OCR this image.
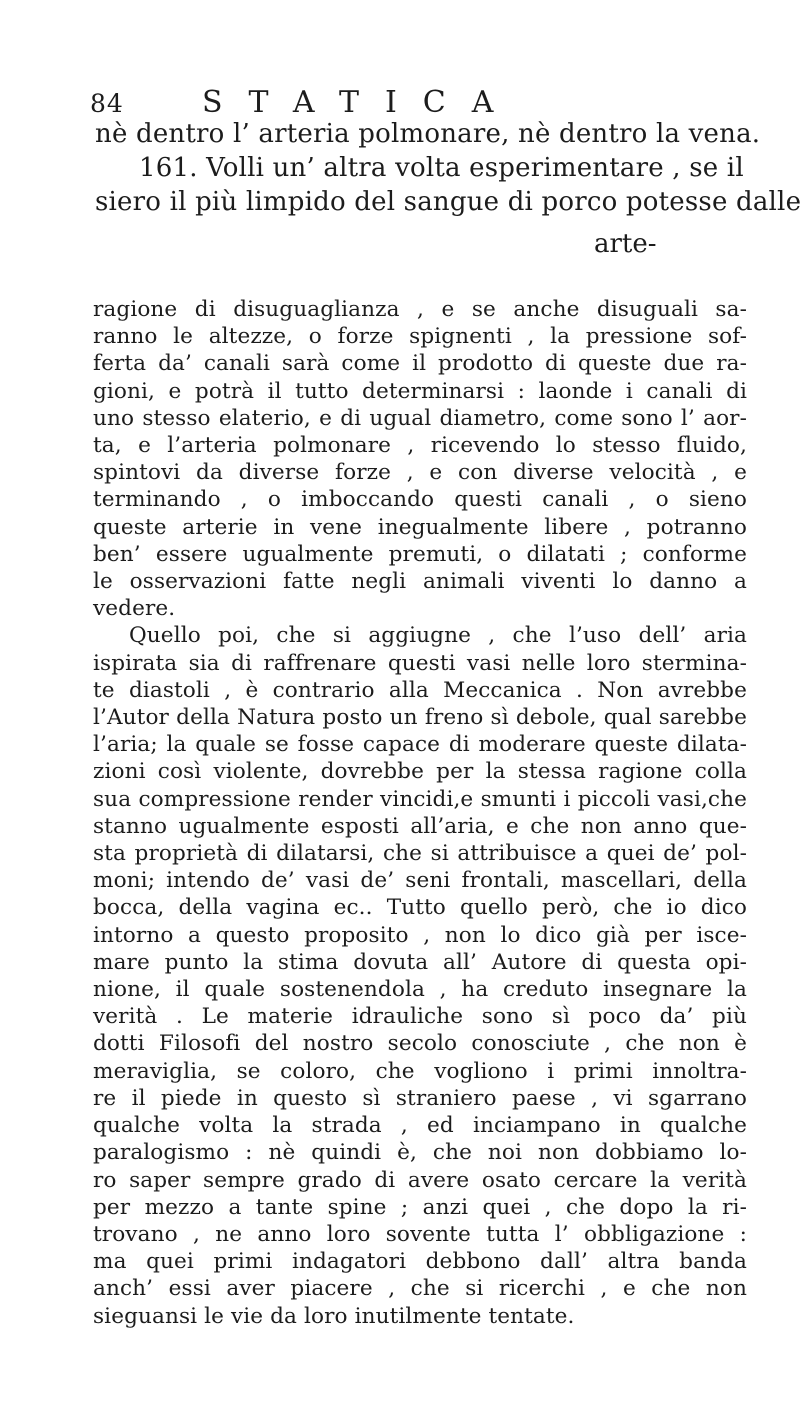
84	STATICA
nè dentro l’ arteria polmonare, nè dentro la vena.
161. Volli un’ altra volta esperimentare , se il
siero il più limpido del sangue di porco potesse dalle
arte-
ragione di disuguaglianza , e se anche disuguali sa-
ranno le altezze, o forze spignenti , la pressione sof-
ferta da’ canali sarà come il prodotto di queste due ra-
gioni, e potrà il tutto determinarsi : laonde i canali di
uno stesso elaterio, e di ugual diametro, come sono l’ aor-
ta, e l’arteria polmonare , ricevendo lo stesso fluido,
spintovi da diverse forze , e con diverse velocità , e
terminando , o imboccando questi canali , o sieno
queste arterie in vene inegualmente libere , potranno
ben’ essere ugualmente premuti, o dilatati ; conforme
le osservazioni fatte negli animali viventi lo danno a
vedere.
Quello poi, che si aggiugne , che l’uso dell’ aria
ispirata sia di raffrenare questi vasi nelle loro stermina-
te diastoli , è contrario alla Meccanica . Non avrebbe
l’Autor della Natura posto un freno sì debole, qual sarebbe
l’aria; la quale se fosse capace di moderare queste dilata-
zioni così violente, dovrebbe per la stessa ragione colla
sua compressione render vincidi,e smunti i piccoli vasi,che
stanno ugualmente esposti all’aria, e che non anno que-
sta proprietà di dilatarsi, che si attribuisce a quei de’ pol-
moni; intendo de’ vasi de’ seni frontali, mascellari, della
bocca, della vagina ec.. Tutto quello però, che io dico
intorno a questo proposito , non lo dico già per isce-
mare punto la stima dovuta all’ Autore di questa opi-
nione, il quale sostenendola , ha creduto insegnare la
verità . Le materie idrauliche sono sì poco da’ più
dotti Filosofi del nostro secolo conosciute , che non è
meraviglia, se coloro, che vogliono i primi innoltra-
re il piede in questo sì straniero paese , vi sgarrano
qualche volta la strada , ed inciampano in qualche
paralogismo : nè quindi è, che noi non dobbiamo lo-
ro saper sempre grado di avere osato cercare la verità
per mezzo a tante spine ; anzi quei , che dopo la ri-
trovano , ne anno loro sovente tutta l’ obbligazione :
ma quei primi indagatori debbono dall’ altra banda
anch’ essi aver piacere , che si ricerchi , e che non
sieguansi le vie da loro inutilmente tentate.
